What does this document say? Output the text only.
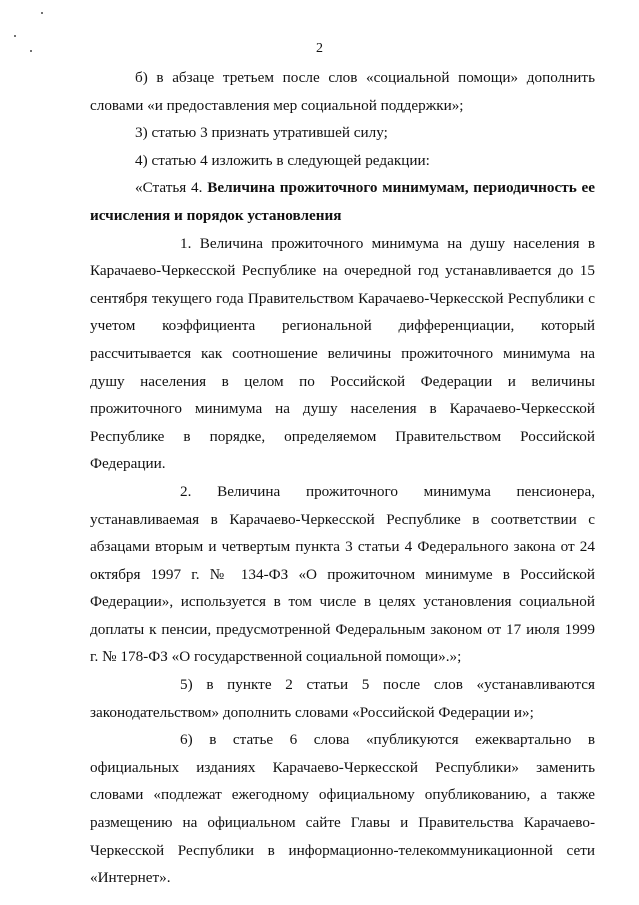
2

б) в абзаце третьем после слов «социальной помощи» дополнить словами «и предоставления мер социальной поддержки»;

3) статью 3 признать утратившей силу;

4) статью 4 изложить в следующей редакции:

«Статья 4. Величина прожиточного минимумам, периодичность ее исчисления и порядок установления

1. Величина прожиточного минимума на душу населения в Карачаево-Черкесской Республике на очередной год устанавливается до 15 сентября текущего года Правительством Карачаево-Черкесской Республики с учетом коэффициента региональной дифференциации, который рассчитывается как соотношение величины прожиточного минимума на душу населения в целом по Российской Федерации и величины прожиточного минимума на душу населения в Карачаево-Черкесской Республике в порядке, определяемом Правительством Российской Федерации.

2. Величина прожиточного минимума пенсионера, устанавливаемая в Карачаево-Черкесской Республике в соответствии с абзацами вторым и четвертым пункта 3 статьи 4 Федерального закона от 24 октября 1997 г. № 134-ФЗ «О прожиточном минимуме в Российской Федерации», используется в том числе в целях установления социальной доплаты к пенсии, предусмотренной Федеральным законом от 17 июля 1999 г. № 178-ФЗ «О государственной социальной помощи».»;

5) в пункте 2 статьи 5 после слов «устанавливаются законодательством» дополнить словами «Российской Федерации и»;

6) в статье 6 слова «публикуются ежеквартально в официальных изданиях Карачаево-Черкесской Республики» заменить словами «подлежат ежегодному официальному опубликованию, а также размещению на официальном сайте Главы и Правительства Карачаево-Черкесской Республики в информационно-телекоммуникационной сети «Интернет».
